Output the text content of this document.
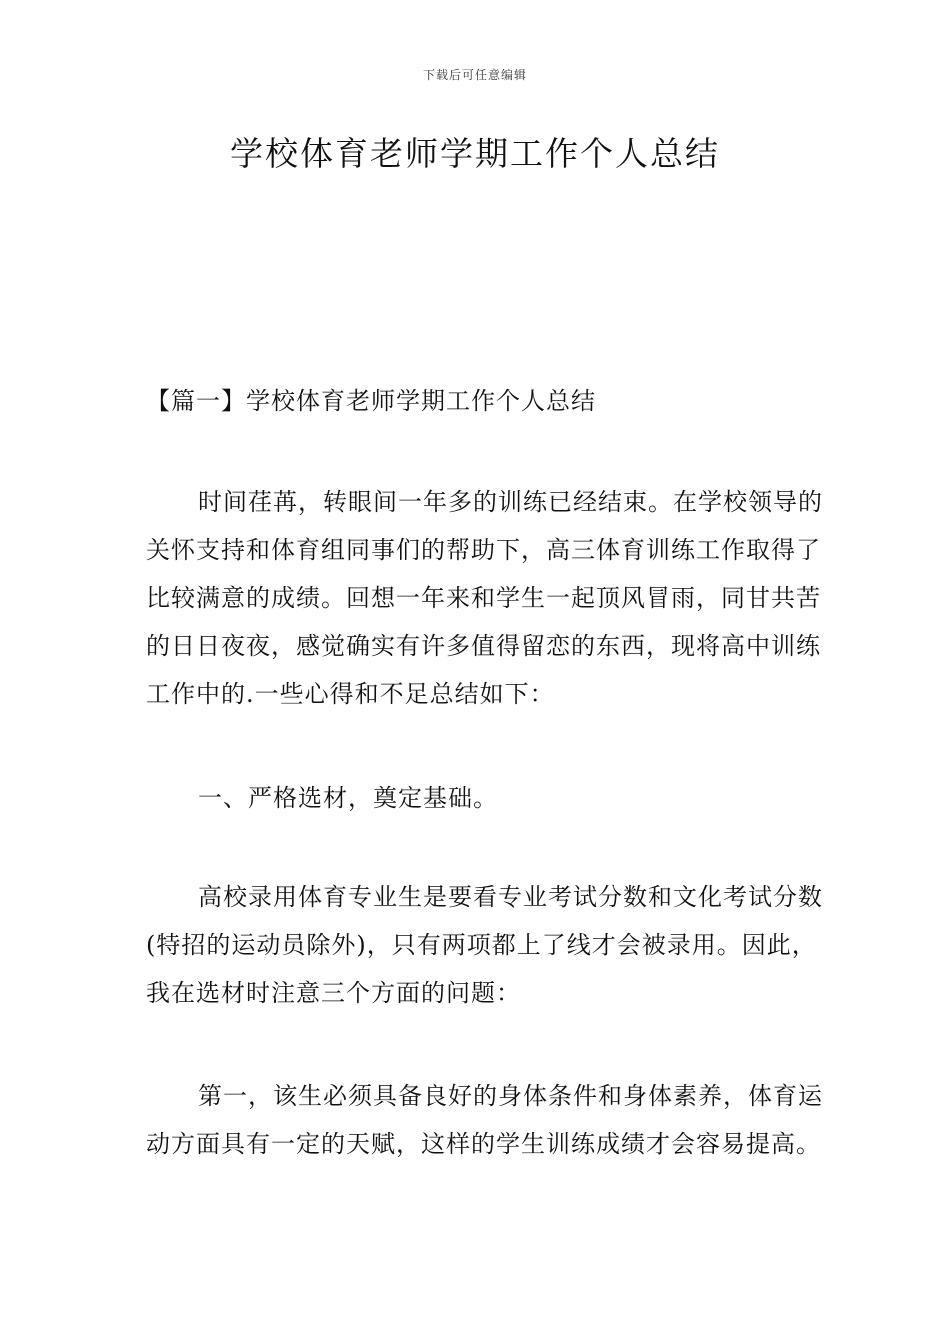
下载后可任意编辑
学校体育老师学期工作个人总结
【篇一】学校体育老师学期工作个人总结

时间荏苒，转眼间一年多的训练已经结束。在学校领导的关怀支持和体育组同事们的帮助下，高三体育训练工作取得了比较满意的成绩。回想一年来和学生一起顶风冒雨，同甘共苦的日日夜夜，感觉确实有许多值得留恋的东西，现将高中训练工作中的.一些心得和不足总结如下：

一、严格选材，奠定基础。

高校录用体育专业生是要看专业考试分数和文化考试分数(特招的运动员除外)，只有两项都上了线才会被录用。因此，我在选材时注意三个方面的问题：

第一，该生必须具备良好的身体条件和身体素养，体育运动方面具有一定的天赋，这样的学生训练成绩才会容易提高。
